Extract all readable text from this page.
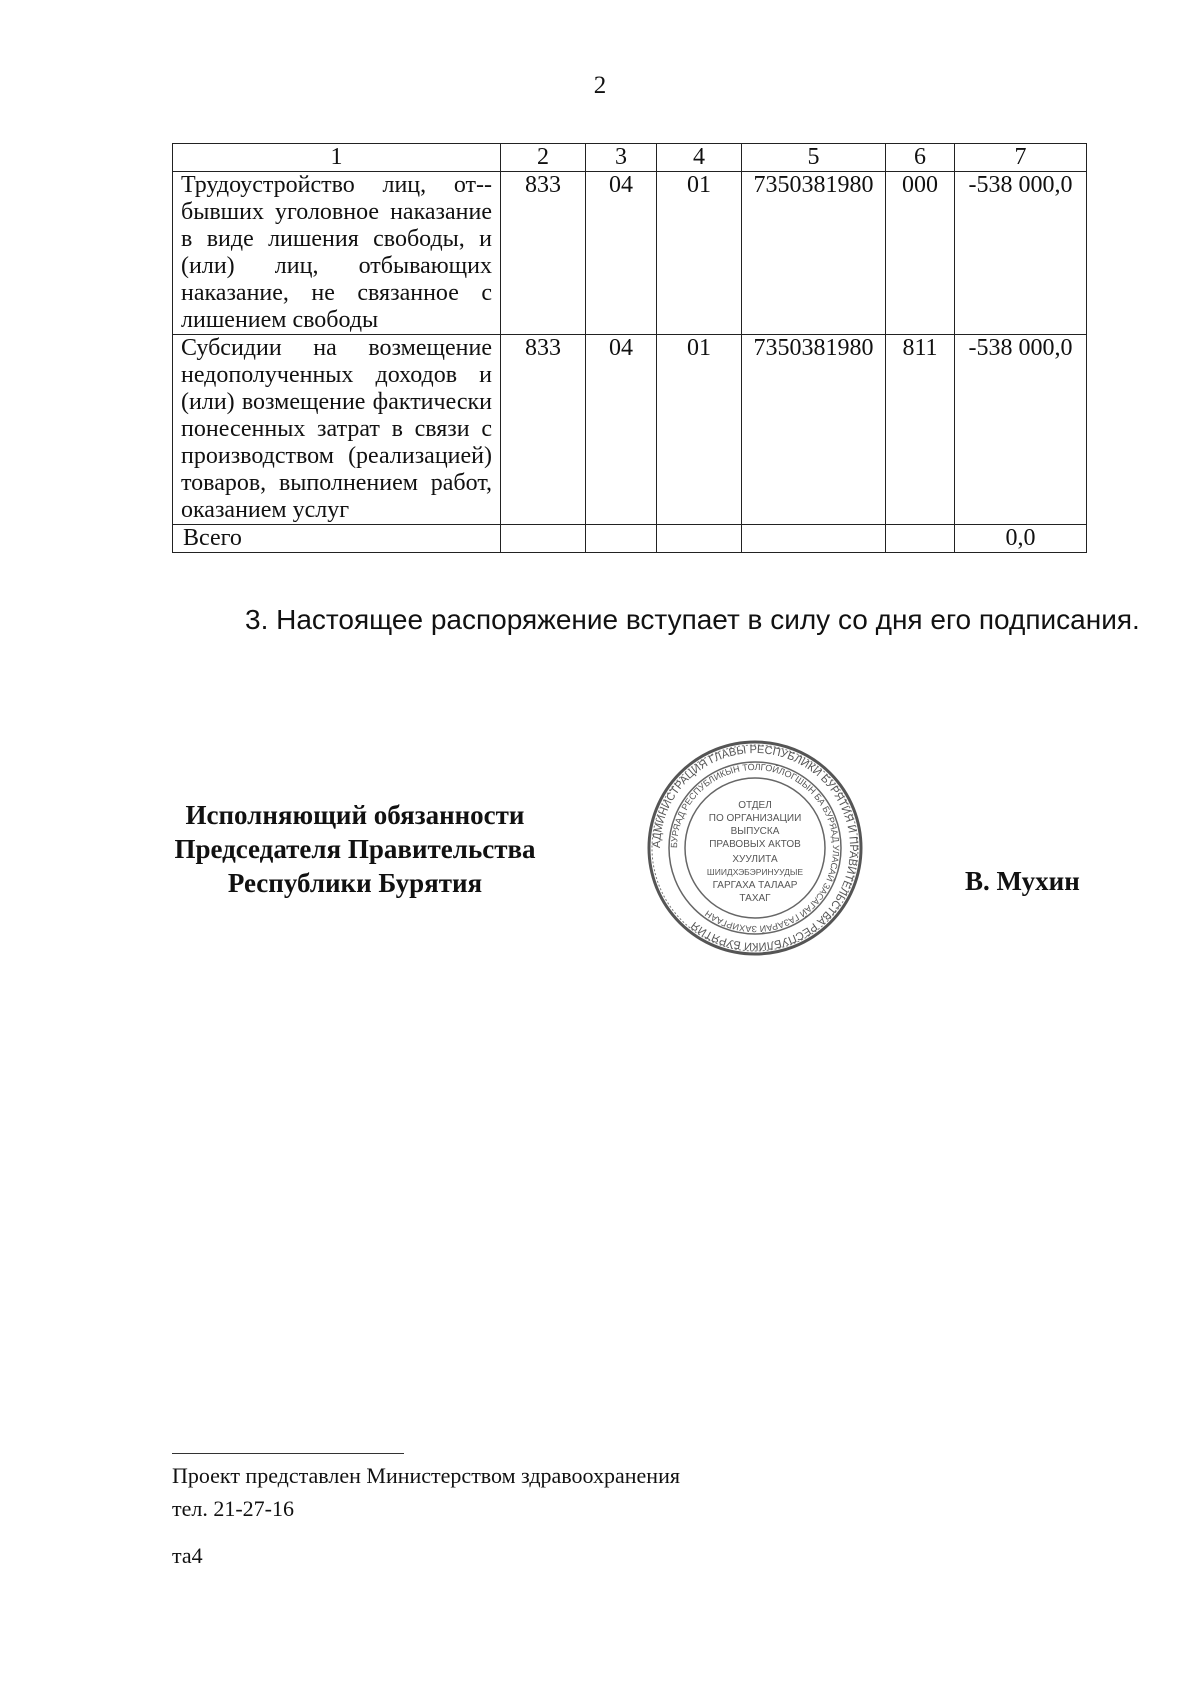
2
1	2	3	4	5	6	7
Трудоустройство лиц, от-бывших уголовное наказание в виде лишения свободы, и (или) лиц, отбывающих наказание, не связанное с лишением свободы	833	04	01	7350381980	000	-538 000,0
Субсидии на возмещение недополученных доходов и (или) возмещение фактически понесенных затрат в связи с производством (реализацией) товаров, выполнением работ, оказанием услуг	833	04	01	7350381980	811	-538 000,0
Всего						0,0
3. Настоящее распоряжение вступает в силу со дня его подписания.
Исполняющий обязанности
Председателя Правительства
Республики Бурятия
АДМИНИСТРАЦИЯ ГЛАВЫ РЕСПУБЛИКИ БУРЯТИЯ И ПРАВИТЕЛЬСТВА РЕСПУБЛИКИ БУРЯТИЯ
БУРЯАД РЕСПУБЛИКЫН ТОЛГОЙЛОГШЫН БА БУРЯАД УЛАСАЙ ЗАСАГАЙ ГАЗАРАЙ ЗАХИРГААН
ОТДЕЛ
ПО ОРГАНИЗАЦИИ
ВЫПУСКА
ПРАВОВЫХ АКТОВ
ХУУЛИТА
ШИИДХЭБЭРИНУУДЫЕ
ГАРГАХА ТАЛААР
ТАХАГ
В. Мухин
Проект представлен Министерством здравоохранения
тел. 21-27-16
та4
